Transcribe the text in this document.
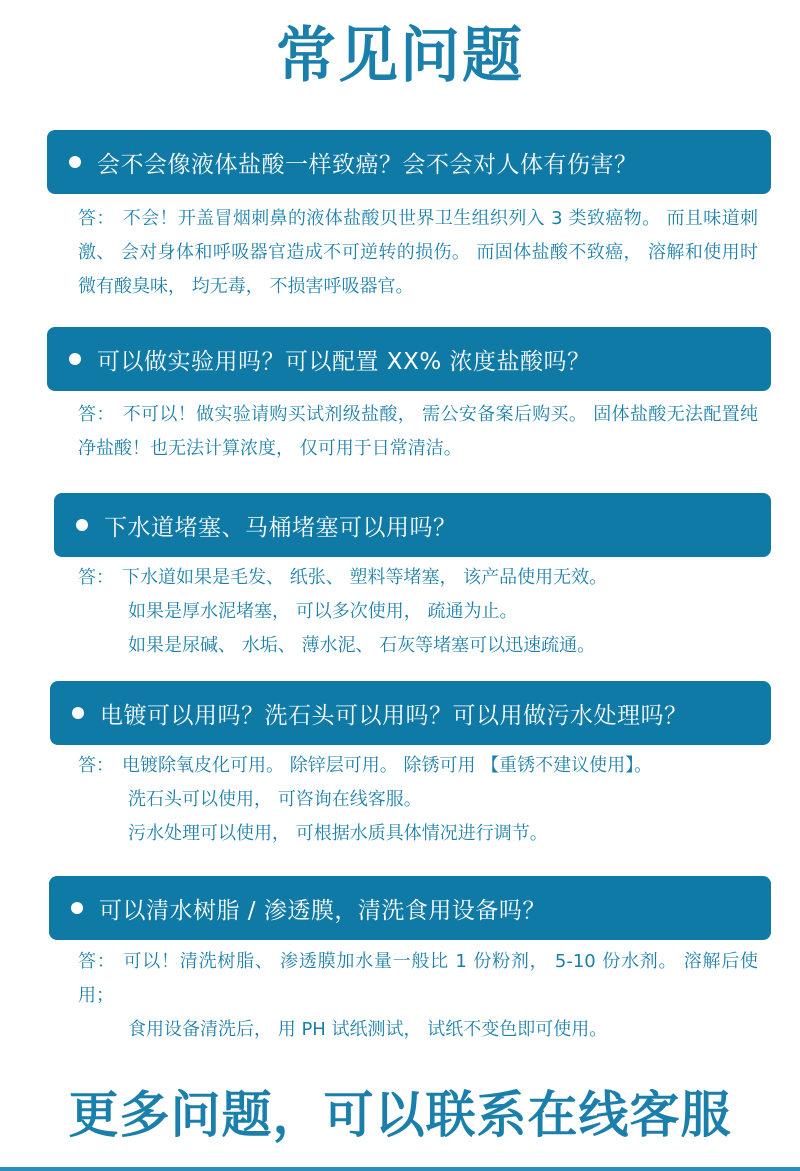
常见问题
会不会像液体盐酸一样致癌？会不会对人体有伤害？
答： 不会！开盖冒烟刺鼻的液体盐酸贝世界卫生组织列入 3 类致癌物。 而且味道刺激、 会对身体和呼吸器官造成不可逆转的损伤。 而固体盐酸不致癌， 溶解和使用时微有酸臭味， 均无毒， 不损害呼吸器官。
可以做实验用吗？可以配置 XX% 浓度盐酸吗？
答： 不可以！做实验请购买试剂级盐酸， 需公安备案后购买。 固体盐酸无法配置纯净盐酸！也无法计算浓度， 仅可用于日常清洁。
下水道堵塞、马桶堵塞可以用吗？
答： 下水道如果是毛发、 纸张、 塑料等堵塞， 该产品使用无效。
如果是厚水泥堵塞， 可以多次使用， 疏通为止。
如果是尿碱、 水垢、 薄水泥、 石灰等堵塞可以迅速疏通。
电镀可以用吗？洗石头可以用吗？可以用做污水处理吗？
答： 电镀除氧皮化可用。 除锌层可用。 除锈可用 【重锈不建议使用】。
洗石头可以使用， 可咨询在线客服。
污水处理可以使用， 可根据水质具体情况进行调节。
可以清水树脂 / 渗透膜，清洗食用设备吗？
答： 可以！清洗树脂、 渗透膜加水量一般比 1 份粉剂， 5-10 份水剂。 溶解后使用；
食用设备清洗后， 用 PH 试纸测试， 试纸不变色即可使用。
更多问题，可以联系在线客服
